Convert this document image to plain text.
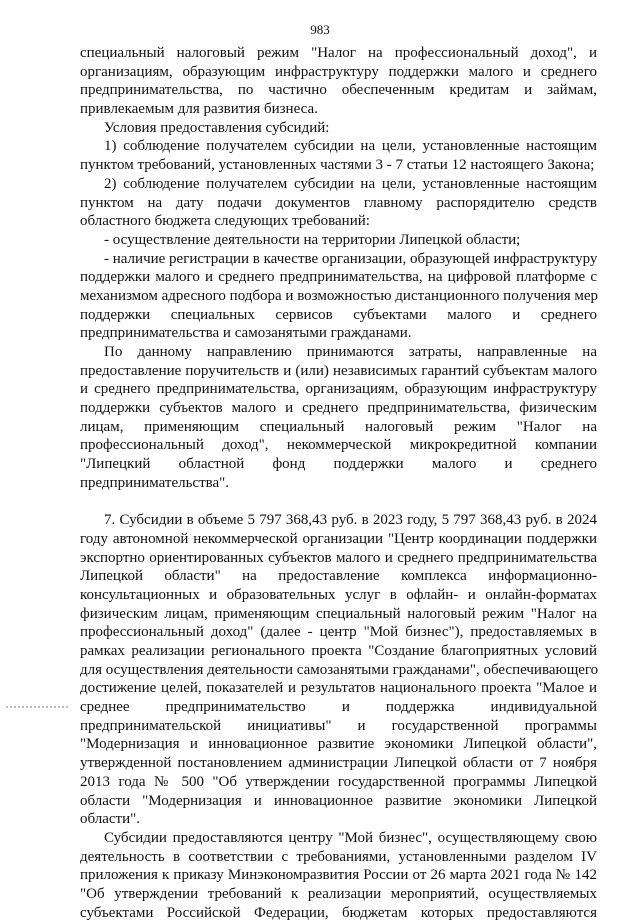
983
специальный налоговый режим "Налог на профессиональный доход", и
организациям, образующим инфраструктуру поддержки малого и среднего
предпринимательства, по частично обеспеченным кредитам и займам,
привлекаемым для развития бизнеса.
Условия предоставления субсидий:
1) соблюдение получателем субсидии на цели, установленные настоящим
пунктом требований, установленных частями 3 - 7 статьи 12 настоящего Закона;
2) соблюдение получателем субсидии на цели, установленные настоящим
пунктом на дату подачи документов главному распорядителю средств
областного бюджета следующих требований:
- осуществление деятельности на территории Липецкой области;
- наличие регистрации в качестве организации, образующей инфраструктуру
поддержки малого и среднего предпринимательства, на цифровой платформе с
механизмом адресного подбора и возможностью дистанционного получения мер
поддержки специальных сервисов субъектами малого и среднего
предпринимательства и самозанятыми гражданами.
По данному направлению принимаются затраты, направленные на
предоставление поручительств и (или) независимых гарантий субъектам малого
и среднего предпринимательства, организациям, образующим инфраструктуру
поддержки субъектов малого и среднего предпринимательства, физическим
лицам, применяющим специальный налоговый режим "Налог на
профессиональный доход", некоммерческой микрокредитной компании
"Липецкий областной фонд поддержки малого и среднего
предпринимательства".
7. Субсидии в объеме 5 797 368,43 руб. в 2023 году, 5 797 368,43 руб. в 2024
году автономной некоммерческой организации "Центр координации поддержки
экспортно ориентированных субъектов малого и среднего предпринимательства
Липецкой области" на предоставление комплекса информационно-
консультационных и образовательных услуг в офлайн- и онлайн-форматах
физическим лицам, применяющим специальный налоговый режим "Налог на
профессиональный доход" (далее - центр "Мой бизнес"), предоставляемых в
рамках реализации регионального проекта "Создание благоприятных условий
для осуществления деятельности самозанятыми гражданами", обеспечивающего
достижение целей, показателей и результатов национального проекта "Малое и
среднее предпринимательство и поддержка индивидуальной
предпринимательской инициативы" и государственной программы
"Модернизация и инновационное развитие экономики Липецкой области",
утвержденной постановлением администрации Липецкой области от 7 ноября
2013 года № 500 "Об утверждении государственной программы Липецкой
области "Модернизация и инновационное развитие экономики Липецкой
области".
Субсидии предоставляются центру "Мой бизнес", осуществляющему свою
деятельность в соответствии с требованиями, установленными разделом IV
приложения к приказу Минэкономразвития России от 26 марта 2021 года № 142
"Об утверждении требований к реализации мероприятий, осуществляемых
субъектами Российской Федерации, бюджетам которых предоставляются
